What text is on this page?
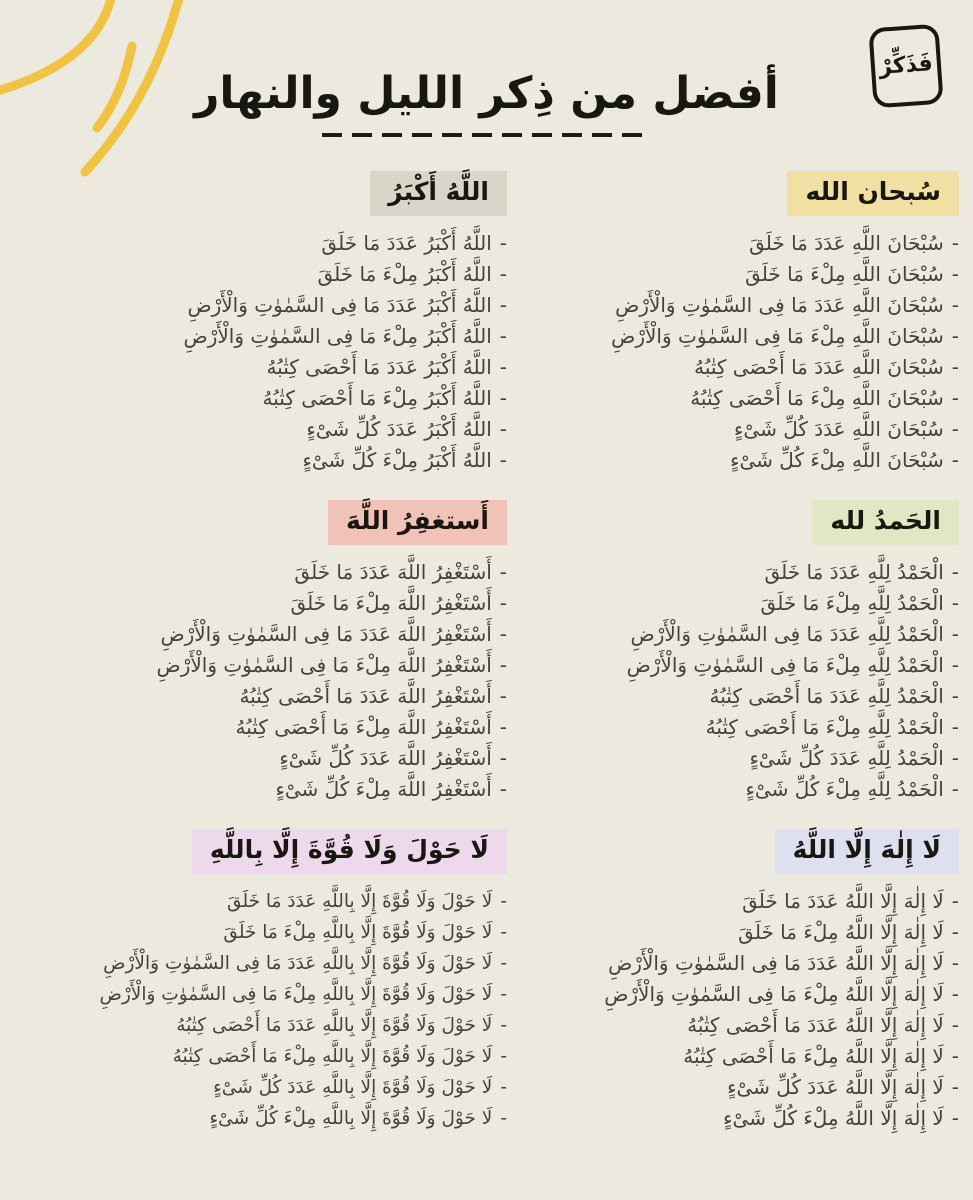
فَذَكِّرْ
أفضل من ذِكر الليل والنهار
سُبحان الله
-سُبْحَانَ اللَّهِ عَدَدَ مَا خَلَقَ
-سُبْحَانَ اللَّهِ مِلْءَ مَا خَلَقَ
-سُبْحَانَ اللَّهِ عَدَدَ مَا فِى السَّمٰوٰتِ وَالْأَرْضِ
-سُبْحَانَ اللَّهِ مِلْءَ مَا فِى السَّمٰوٰتِ وَالْأَرْضِ
-سُبْحَانَ اللَّهِ عَدَدَ مَا أَحْصَى كِتٰبُهُ
-سُبْحَانَ اللَّهِ مِلْءَ مَا أَحْصَى كِتٰبُهُ
-سُبْحَانَ اللَّهِ عَدَدَ كُلِّ شَىْءٍ
-سُبْحَانَ اللَّهِ مِلْءَ كُلِّ شَىْءٍ
الحَمدُ لله
-الْحَمْدُ لِلَّهِ عَدَدَ مَا خَلَقَ
-الْحَمْدُ لِلَّهِ مِلْءَ مَا خَلَقَ
-الْحَمْدُ لِلَّهِ عَدَدَ مَا فِى السَّمٰوٰتِ وَالْأَرْضِ
-الْحَمْدُ لِلَّهِ مِلْءَ مَا فِى السَّمٰوٰتِ وَالْأَرْضِ
-الْحَمْدُ لِلَّهِ عَدَدَ مَا أَحْصَى كِتٰبُهُ
-الْحَمْدُ لِلَّهِ مِلْءَ مَا أَحْصَى كِتٰبُهُ
-الْحَمْدُ لِلَّهِ عَدَدَ كُلِّ شَىْءٍ
-الْحَمْدُ لِلَّهِ مِلْءَ كُلِّ شَىْءٍ
لَا إِلٰهَ إِلَّا اللَّهُ
-لَا إِلٰهَ إِلَّا اللَّهُ عَدَدَ مَا خَلَقَ
-لَا إِلٰهَ إِلَّا اللَّهُ مِلْءَ مَا خَلَقَ
-لَا إِلٰهَ إِلَّا اللَّهُ عَدَدَ مَا فِى السَّمٰوٰتِ وَالْأَرْضِ
-لَا إِلٰهَ إِلَّا اللَّهُ مِلْءَ مَا فِى السَّمٰوٰتِ وَالْأَرْضِ
-لَا إِلٰهَ إِلَّا اللَّهُ عَدَدَ مَا أَحْصَى كِتٰبُهُ
-لَا إِلٰهَ إِلَّا اللَّهُ مِلْءَ مَا أَحْصَى كِتٰبُهُ
-لَا إِلٰهَ إِلَّا اللَّهُ عَدَدَ كُلِّ شَىْءٍ
-لَا إِلٰهَ إِلَّا اللَّهُ مِلْءَ كُلِّ شَىْءٍ
اللَّهُ أَكْبَرُ
-اللَّهُ أَكْبَرُ عَدَدَ مَا خَلَقَ
-اللَّهُ أَكْبَرُ مِلْءَ مَا خَلَقَ
-اللَّهُ أَكْبَرُ عَدَدَ مَا فِى السَّمٰوٰتِ وَالْأَرْضِ
-اللَّهُ أَكْبَرُ مِلْءَ مَا فِى السَّمٰوٰتِ وَالْأَرْضِ
-اللَّهُ أَكْبَرُ عَدَدَ مَا أَحْصَى كِتٰبُهُ
-اللَّهُ أَكْبَرُ مِلْءَ مَا أَحْصَى كِتٰبُهُ
-اللَّهُ أَكْبَرُ عَدَدَ كُلِّ شَىْءٍ
-اللَّهُ أَكْبَرُ مِلْءَ كُلِّ شَىْءٍ
أَستغفِرُ اللَّهَ
-أَسْتَغْفِرُ اللَّهَ عَدَدَ مَا خَلَقَ
-أَسْتَغْفِرُ اللَّهَ مِلْءَ مَا خَلَقَ
-أَسْتَغْفِرُ اللَّهَ عَدَدَ مَا فِى السَّمٰوٰتِ وَالْأَرْضِ
-أَسْتَغْفِرُ اللَّهَ مِلْءَ مَا فِى السَّمٰوٰتِ وَالْأَرْضِ
-أَسْتَغْفِرُ اللَّهَ عَدَدَ مَا أَحْصَى كِتٰبُهُ
-أَسْتَغْفِرُ اللَّهَ مِلْءَ مَا أَحْصَى كِتٰبُهُ
-أَسْتَغْفِرُ اللَّهَ عَدَدَ كُلِّ شَىْءٍ
-أَسْتَغْفِرُ اللَّهَ مِلْءَ كُلِّ شَىْءٍ
لَا حَوْلَ وَلَا قُوَّةَ إِلَّا بِاللَّهِ
-لَا حَوْلَ وَلَا قُوَّةَ إِلَّا بِاللَّهِ عَدَدَ مَا خَلَقَ
-لَا حَوْلَ وَلَا قُوَّةَ إِلَّا بِاللَّهِ مِلْءَ مَا خَلَقَ
-لَا حَوْلَ وَلَا قُوَّةَ إِلَّا بِاللَّهِ عَدَدَ مَا فِى السَّمٰوٰتِ وَالْأَرْضِ
-لَا حَوْلَ وَلَا قُوَّةَ إِلَّا بِاللَّهِ مِلْءَ مَا فِى السَّمٰوٰتِ وَالْأَرْضِ
-لَا حَوْلَ وَلَا قُوَّةَ إِلَّا بِاللَّهِ عَدَدَ مَا أَحْصَى كِتٰبُهُ
-لَا حَوْلَ وَلَا قُوَّةَ إِلَّا بِاللَّهِ مِلْءَ مَا أَحْصَى كِتٰبُهُ
-لَا حَوْلَ وَلَا قُوَّةَ إِلَّا بِاللَّهِ عَدَدَ كُلِّ شَىْءٍ
-لَا حَوْلَ وَلَا قُوَّةَ إِلَّا بِاللَّهِ مِلْءَ كُلِّ شَىْءٍ
